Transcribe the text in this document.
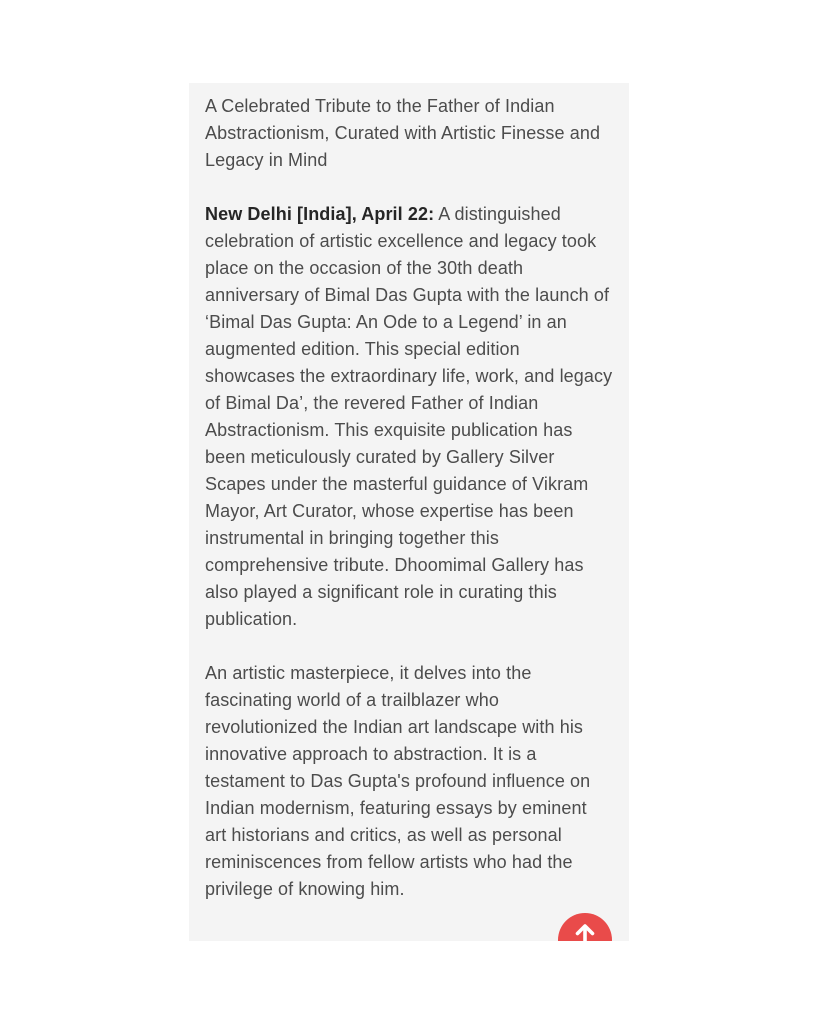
A Celebrated Tribute to the Father of Indian Abstractionism, Curated with Artistic Finesse and Legacy in Mind

New Delhi [India], April 22: A distinguished celebration of artistic excellence and legacy took place on the occasion of the 30th death anniversary of Bimal Das Gupta with the launch of ‘Bimal Das Gupta: An Ode to a Legend’ in an augmented edition. This special edition showcases the extraordinary life, work, and legacy of Bimal Da’, the revered Father of Indian Abstractionism. This exquisite publication has been meticulously curated by Gallery Silver Scapes under the masterful guidance of Vikram Mayor, Art Curator, whose expertise has been instrumental in bringing together this comprehensive tribute. Dhoomimal Gallery has also played a significant role in curating this publication.

An artistic masterpiece, it delves into the fascinating world of a trailblazer who revolutionized the Indian art landscape with his innovative approach to abstraction. It is a testament to Das Gupta's profound influence on Indian modernism, featuring essays by eminent art historians and critics, as well as personal reminiscences from fellow artists who had the privilege of knowing him.
